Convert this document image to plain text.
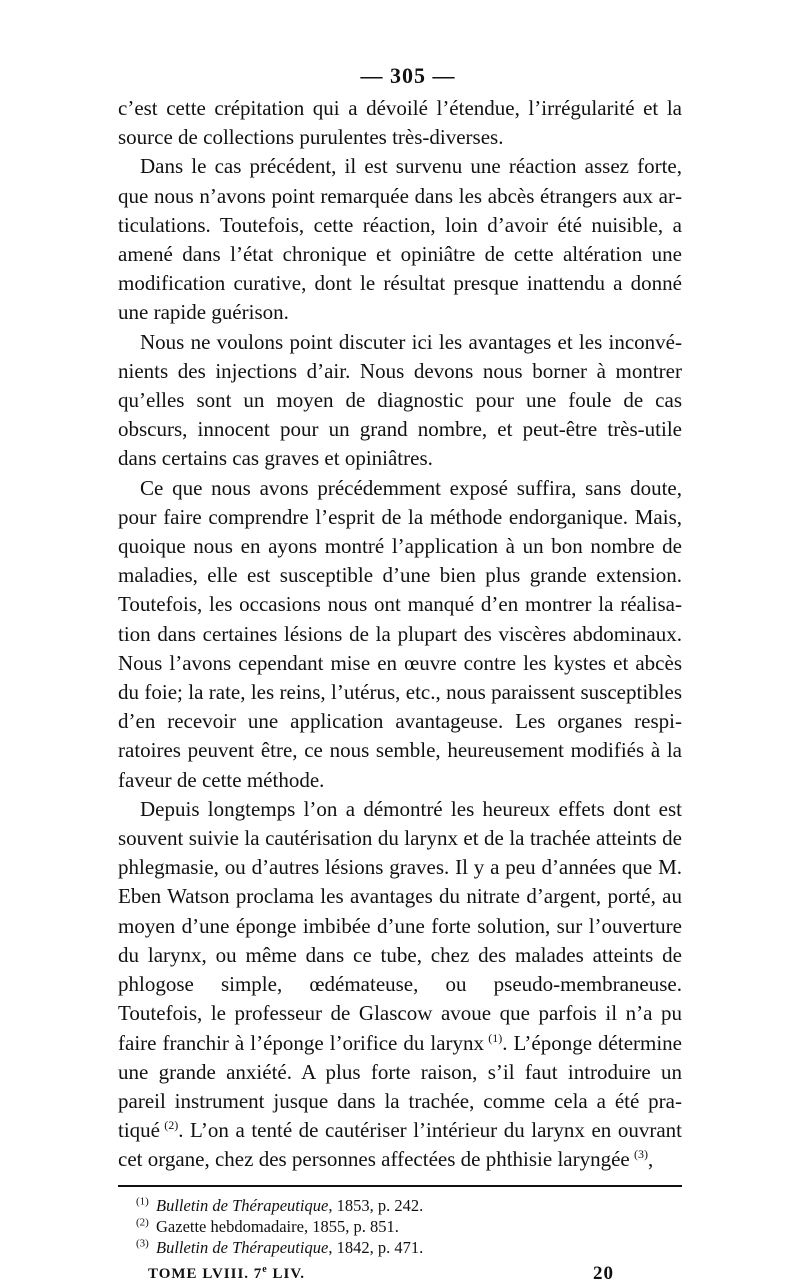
— 305 —

c’est cette crépitation qui a dévoilé l’étendue, l’irrégularité et la source de collections purulentes très-diverses.

Dans le cas précédent, il est survenu une réaction assez forte, que nous n’avons point remarquée dans les abcès étrangers aux articulations. Toutefois, cette réaction, loin d’avoir été nuisible, a amené dans l’état chronique et opiniâtre de cette altération une modification curative, dont le résultat presque inattendu a donné une rapide guérison.

Nous ne voulons point discuter ici les avantages et les inconvénients des injections d’air. Nous devons nous borner à montrer qu’elles sont un moyen de diagnostic pour une foule de cas obscurs, innocent pour un grand nombre, et peut-être très-utile dans certains cas graves et opiniâtres.

Ce que nous avons précédemment exposé suffira, sans doute, pour faire comprendre l’esprit de la méthode endorganique. Mais, quoique nous en ayons montré l’application à un bon nombre de maladies, elle est susceptible d’une bien plus grande extension. Toutefois, les occasions nous ont manqué d’en montrer la réalisation dans certaines lésions de la plupart des viscères abdominaux. Nous l’avons cependant mise en œuvre contre les kystes et abcès du foie; la rate, les reins, l’utérus, etc., nous paraissent susceptibles d’en recevoir une application avantageuse. Les organes respiratoires peuvent être, ce nous semble, heureusement modifiés à la faveur de cette méthode.

Depuis longtemps l’on a démontré les heureux effets dont est souvent suivie la cautérisation du larynx et de la trachée atteints de phlegmasie, ou d’autres lésions graves. Il y a peu d’années que M. Eben Watson proclama les avantages du nitrate d’argent, porté, au moyen d’une éponge imbibée d’une forte solution, sur l’ouverture du larynx, ou même dans ce tube, chez des malades atteints de phlogose simple, œdémateuse, ou pseudo-membraneuse. Toutefois, le professeur de Glascow avoue que parfois il n’a pu faire franchir à l’éponge l’orifice du larynx  $^{(1)}$. L’éponge détermine une grande anxiété. A plus forte raison, s’il faut introduire un pareil instrument jusque dans la trachée, comme cela a été pratiqué  $^{(2)}$. L’on a tenté de cautériser l’intérieur du larynx en ouvrant cet organe, chez des personnes affectées de phthisie laryngée  $^{(3)}$,

$^{(1)}$ Bulletin de Thérapeutique, 1853, p. 242.
$^{(2)}$ Gazette hebdomadaire, 1855, p. 851.
$^{(3)}$ Bulletin de Thérapeutique, 1842, p. 471.
TOME LVIII. 7e LIV.	20
